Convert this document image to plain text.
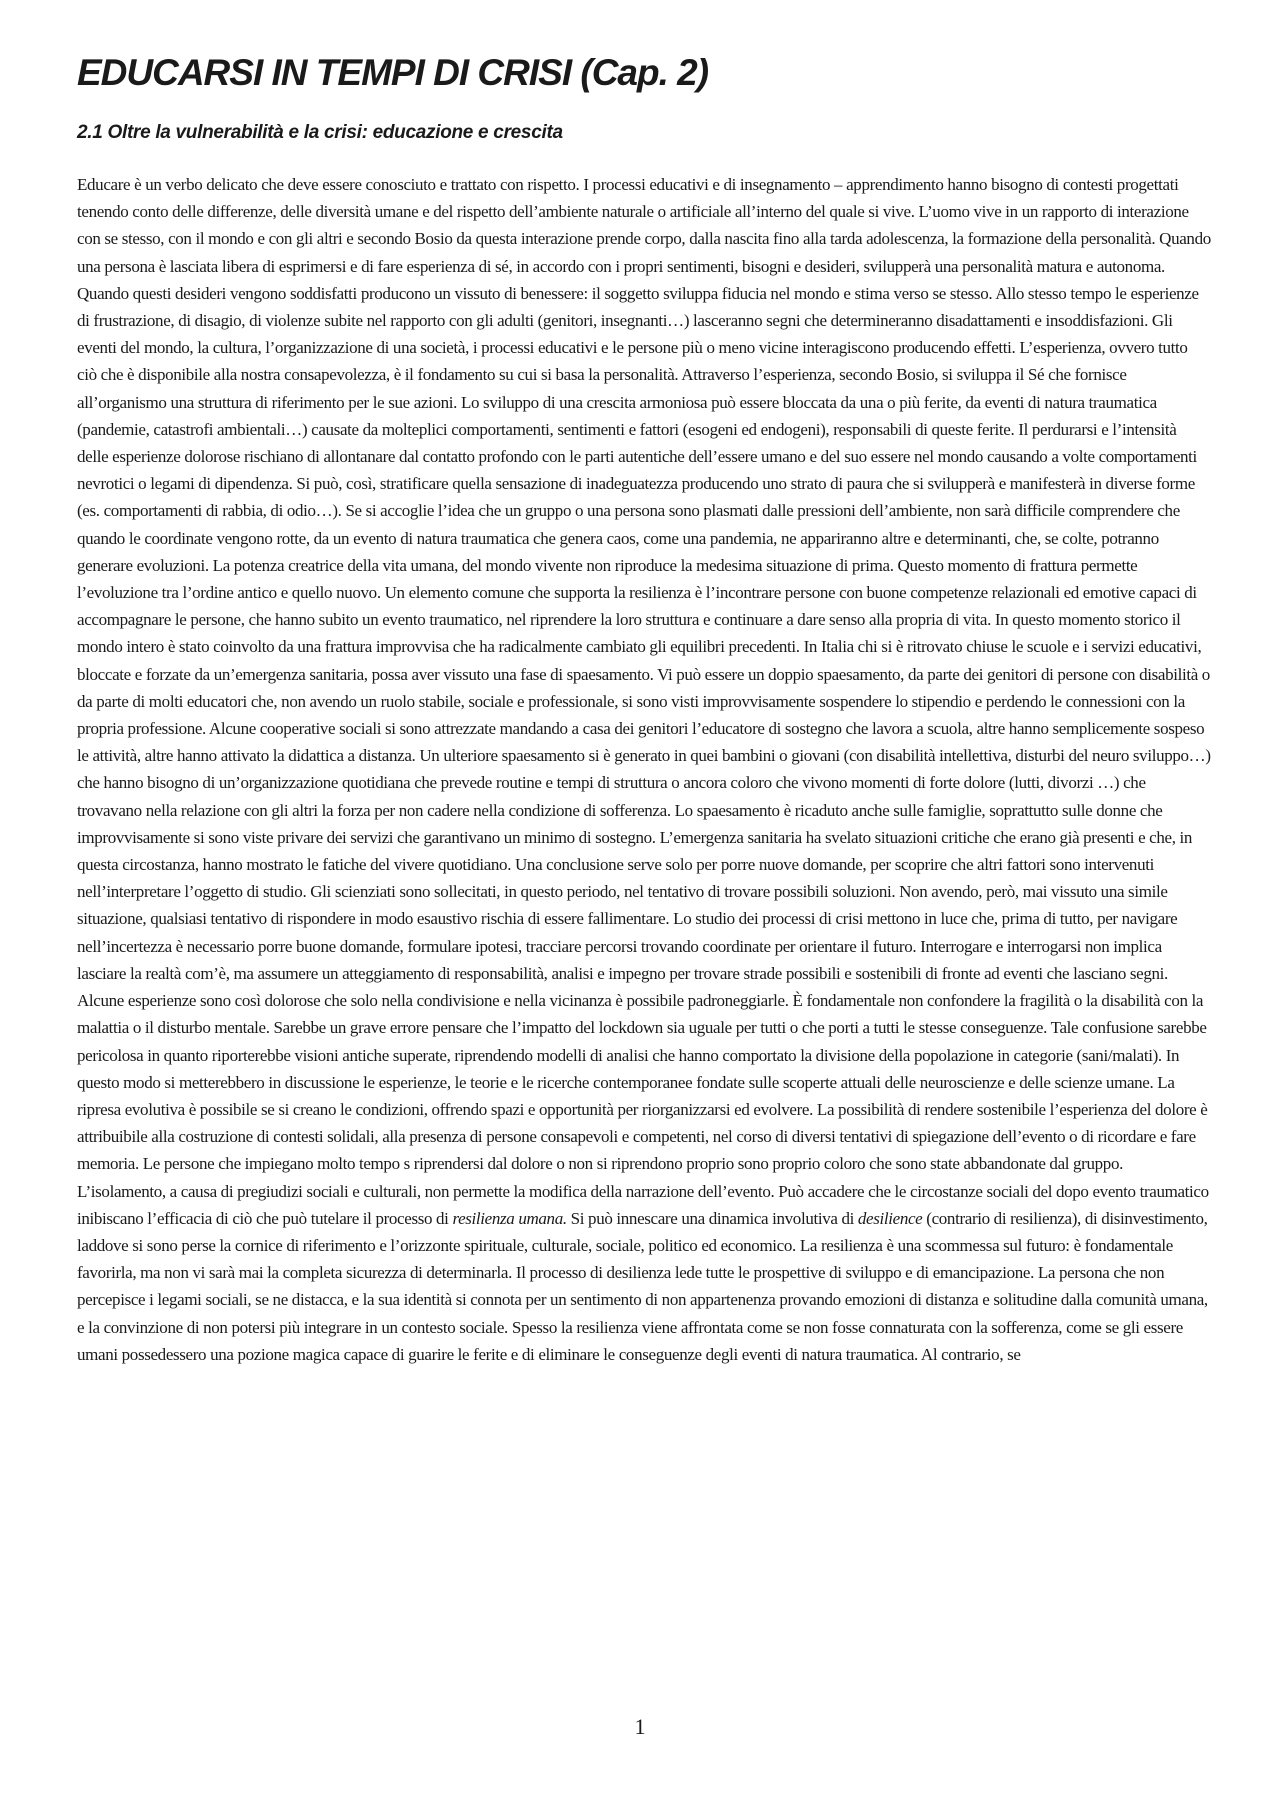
EDUCARSI IN TEMPI DI CRISI (Cap. 2)
2.1 Oltre la vulnerabilità e la crisi: educazione e crescita

Educare è un verbo delicato che deve essere conosciuto e trattato con rispetto. I processi educativi e di insegnamento – apprendimento hanno bisogno di contesti progettati tenendo conto delle differenze, delle diversità umane e del rispetto dell’ambiente naturale o artificiale all’interno del quale si vive. L’uomo vive in un rapporto di interazione con se stesso, con il mondo e con gli altri e secondo Bosio da questa interazione prende corpo, dalla nascita fino alla tarda adolescenza, la formazione della personalità. Quando una persona è lasciata libera di esprimersi e di fare esperienza di sé, in accordo con i propri sentimenti, bisogni e desideri, svilupperà una personalità matura e autonoma. Quando questi desideri vengono soddisfatti producono un vissuto di benessere: il soggetto sviluppa fiducia nel mondo e stima verso se stesso. Allo stesso tempo le esperienze di frustrazione, di disagio, di violenze subite nel rapporto con gli adulti (genitori, insegnanti…) lasceranno segni che determineranno disadattamenti e insoddisfazioni. Gli eventi del mondo, la cultura, l’organizzazione di una società, i processi educativi e le persone più o meno vicine interagiscono producendo effetti. L’esperienza, ovvero tutto ciò che è disponibile alla nostra consapevolezza, è il fondamento su cui si basa la personalità. Attraverso l’esperienza, secondo Bosio, si sviluppa il Sé che fornisce all’organismo una struttura di riferimento per le sue azioni. Lo sviluppo di una crescita armoniosa può essere bloccata da una o più ferite, da eventi di natura traumatica (pandemie, catastrofi ambientali…) causate da molteplici comportamenti, sentimenti e fattori (esogeni ed endogeni), responsabili di queste ferite. Il perdurarsi e l’intensità delle esperienze dolorose rischiano di allontanare dal contatto profondo con le parti autentiche dell’essere umano e del suo essere nel mondo causando a volte comportamenti nevrotici o legami di dipendenza. Si può, così, stratificare quella sensazione di inadeguatezza producendo uno strato di paura che si svilupperà e manifesterà in diverse forme (es. comportamenti di rabbia, di odio…). Se si accoglie l’idea che un gruppo o una persona sono plasmati dalle pressioni dell’ambiente, non sarà difficile comprendere che quando le coordinate vengono rotte, da un evento di natura traumatica che genera caos, come una pandemia, ne appariranno altre e determinanti, che, se colte, potranno generare evoluzioni. La potenza creatrice della vita umana, del mondo vivente non riproduce la medesima situazione di prima. Questo momento di frattura permette l’evoluzione tra l’ordine antico e quello nuovo. Un elemento comune che supporta la resilienza è l’incontrare persone con buone competenze relazionali ed emotive capaci di accompagnare le persone, che hanno subito un evento traumatico, nel riprendere la loro struttura e continuare a dare senso alla propria di vita. In questo momento storico il mondo intero è stato coinvolto da una frattura improvvisa che ha radicalmente cambiato gli equilibri precedenti. In Italia chi si è ritrovato chiuse le scuole e i servizi educativi, bloccate e forzate da un’emergenza sanitaria, possa aver vissuto una fase di spaesamento. Vi può essere un doppio spaesamento, da parte dei genitori di persone con disabilità o da parte di molti educatori che, non avendo un ruolo stabile, sociale e professionale, si sono visti improvvisamente sospendere lo stipendio e perdendo le connessioni con la propria professione. Alcune cooperative sociali si sono attrezzate mandando a casa dei genitori l’educatore di sostegno che lavora a scuola, altre hanno semplicemente sospeso le attività, altre hanno attivato la didattica a distanza. Un ulteriore spaesamento si è generato in quei bambini o giovani (con disabilità intellettiva, disturbi del neuro sviluppo…) che hanno bisogno di un’organizzazione quotidiana che prevede routine e tempi di struttura o ancora coloro che vivono momenti di forte dolore (lutti, divorzi …) che trovavano nella relazione con gli altri la forza per non cadere nella condizione di sofferenza. Lo spaesamento è ricaduto anche sulle famiglie, soprattutto sulle donne che improvvisamente si sono viste privare dei servizi che garantivano un minimo di sostegno. L’emergenza sanitaria ha svelato situazioni critiche che erano già presenti e che, in questa circostanza, hanno mostrato le fatiche del vivere quotidiano. Una conclusione serve solo per porre nuove domande, per scoprire che altri fattori sono intervenuti nell’interpretare l’oggetto di studio. Gli scienziati sono sollecitati, in questo periodo, nel tentativo di trovare possibili soluzioni. Non avendo, però, mai vissuto una simile situazione, qualsiasi tentativo di rispondere in modo esaustivo rischia di essere fallimentare. Lo studio dei processi di crisi mettono in luce che, prima di tutto, per navigare nell’incertezza è necessario porre buone domande, formulare ipotesi, tracciare percorsi trovando coordinate per orientare il futuro. Interrogare e interrogarsi non implica lasciare la realtà com’è, ma assumere un atteggiamento di responsabilità, analisi e impegno per trovare strade possibili e sostenibili di fronte ad eventi che lasciano segni. Alcune esperienze sono così dolorose che solo nella condivisione e nella vicinanza è possibile padroneggiarle. È fondamentale non confondere la fragilità o la disabilità con la malattia o il disturbo mentale. Sarebbe un grave errore pensare che l’impatto del lockdown sia uguale per tutti o che porti a tutti le stesse conseguenze. Tale confusione sarebbe pericolosa in quanto riporterebbe visioni antiche superate, riprendendo modelli di analisi che hanno comportato la divisione della popolazione in categorie (sani/malati). In questo modo si metterebbero in discussione le esperienze, le teorie e le ricerche contemporanee fondate sulle scoperte attuali delle neuroscienze e delle scienze umane. La ripresa evolutiva è possibile se si creano le condizioni, offrendo spazi e opportunità per riorganizzarsi ed evolvere. La possibilità di rendere sostenibile l’esperienza del dolore è attribuibile alla costruzione di contesti solidali, alla presenza di persone consapevoli e competenti, nel corso di diversi tentativi di spiegazione dell’evento o di ricordare e fare memoria. Le persone che impiegano molto tempo s riprendersi dal dolore o non si riprendono proprio sono proprio coloro che sono state abbandonate dal gruppo. L’isolamento, a causa di pregiudizi sociali e culturali, non permette la modifica della narrazione dell’evento. Può accadere che le circostanze sociali del dopo evento traumatico inibiscano l’efficacia di ciò che può tutelare il processo di resilienza umana. Si può innescare una dinamica involutiva di desilience (contrario di resilienza), di disinvestimento, laddove si sono perse la cornice di riferimento e l’orizzonte spirituale, culturale, sociale, politico ed economico. La resilienza è una scommessa sul futuro: è fondamentale favorirla, ma non vi sarà mai la completa sicurezza di determinarla. Il processo di desilienza lede tutte le prospettive di sviluppo e di emancipazione. La persona che non percepisce i legami sociali, se ne distacca, e la sua identità si connota per un sentimento di non appartenenza provando emozioni di distanza e solitudine dalla comunità umana, e la convinzione di non potersi più integrare in un contesto sociale. Spesso la resilienza viene affrontata come se non fosse connaturata con la sofferenza, come se gli essere umani possedessero una pozione magica capace di guarire le ferite e di eliminare le conseguenze degli eventi di natura traumatica. Al contrario, se

1
